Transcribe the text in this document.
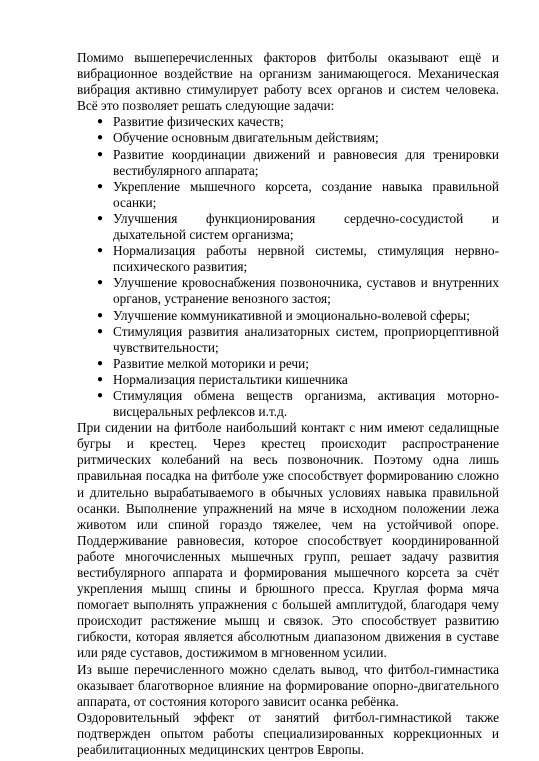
Помимо вышеперечисленных факторов фитболы оказывают ещё и вибрационное воздействие на организм занимающегося. Механическая вибрация активно стимулирует работу всех органов и систем человека. Всё это позволяет решать следующие задачи:

● Развитие физических качеств;
● Обучение основным двигательным действиям;
● Развитие координации движений и равновесия для тренировки вестибулярного аппарата;
● Укрепление мышечного корсета, создание навыка правильной осанки;
● Улучшения функционирования сердечно-сосудистой и дыхательной систем организма;
● Нормализация работы нервной системы, стимуляция нервно-психического развития;
● Улучшение кровоснабжения позвоночника, суставов и внутренних органов, устранение венозного застоя;
● Улучшение коммуникативной и эмоционально-волевой сферы;
● Стимуляция развития анализаторных систем, проприорцептивной чувствительности;
● Развитие мелкой моторики и речи;
● Нормализация перистальтики кишечника
● Стимуляция обмена веществ организма, активация моторно-висцеральных рефлексов и.т.д.

При сидении на фитболе наибольший контакт с ним имеют седалищные бугры и крестец. Через крестец происходит распространение ритмических колебаний на весь позвоночник. Поэтому одна лишь правильная посадка на фитболе уже способствует формированию сложно и длительно вырабатываемого в обычных условиях навыка правильной осанки. Выполнение упражнений на мяче в исходном положении лежа животом или спиной гораздо тяжелее, чем на устойчивой опоре. Поддерживание равновесия, которое способствует координированной работе многочисленных мышечных групп, решает задачу развития вестибулярного аппарата и формирования мышечного корсета за счёт укрепления мышц спины и брюшного пресса. Круглая форма мяча помогает выполнять упражнения с большей амплитудой, благодаря чему происходит растяжение мышц и связок. Это способствует развитию гибкости, которая является абсолютным диапазоном движения в суставе или ряде суставов, достижимом в мгновенном усилии.

Из выше перечисленного можно сделать вывод, что фитбол-гимнастика оказывает благотворное влияние на формирование опорно-двигательного аппарата, от состояния которого зависит осанка ребёнка.

Оздоровительный эффект от занятий фитбол-гимнастикой также подтвержден опытом работы специализированных коррекционных и реабилитационных медицинских центров Европы.
